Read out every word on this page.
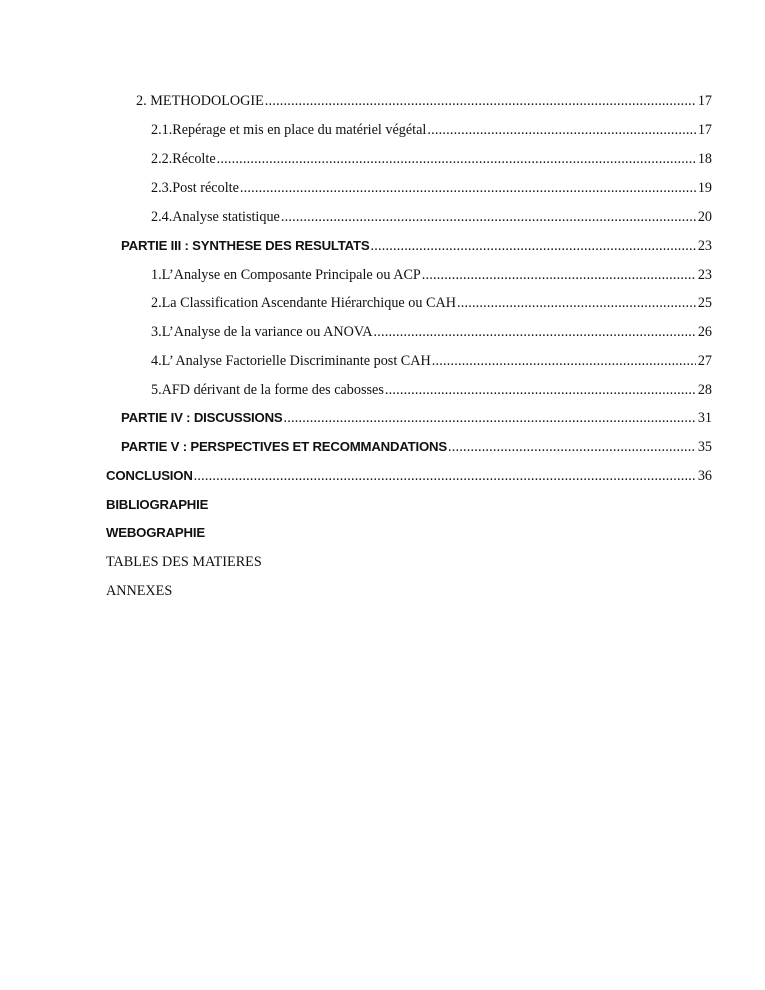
2. METHODOLOGIE .....	17
2.1. Repérage et mis en place du matériel végétal .....	17
2.2. Récolte .....	18
2.3. Post récolte .....	19
2.4. Analyse statistique .....	20
PARTIE III : SYNTHESE DES RESULTATS .....	23
1. L’Analyse en Composante Principale ou ACP .....	23
2. La Classification Ascendante Hiérarchique ou CAH .....	25
3. L’Analyse de la variance ou ANOVA .....	26
4. L’ Analyse Factorielle Discriminante post CAH .....	27
5. AFD dérivant de la forme des cabosses .....	28
PARTIE IV : DISCUSSIONS .....	31
PARTIE V : PERSPECTIVES ET RECOMMANDATIONS .....	35
CONCLUSION .....	36
BIBLIOGRAPHIE
WEBOGRAPHIE
TABLES DES MATIERES
ANNEXES
